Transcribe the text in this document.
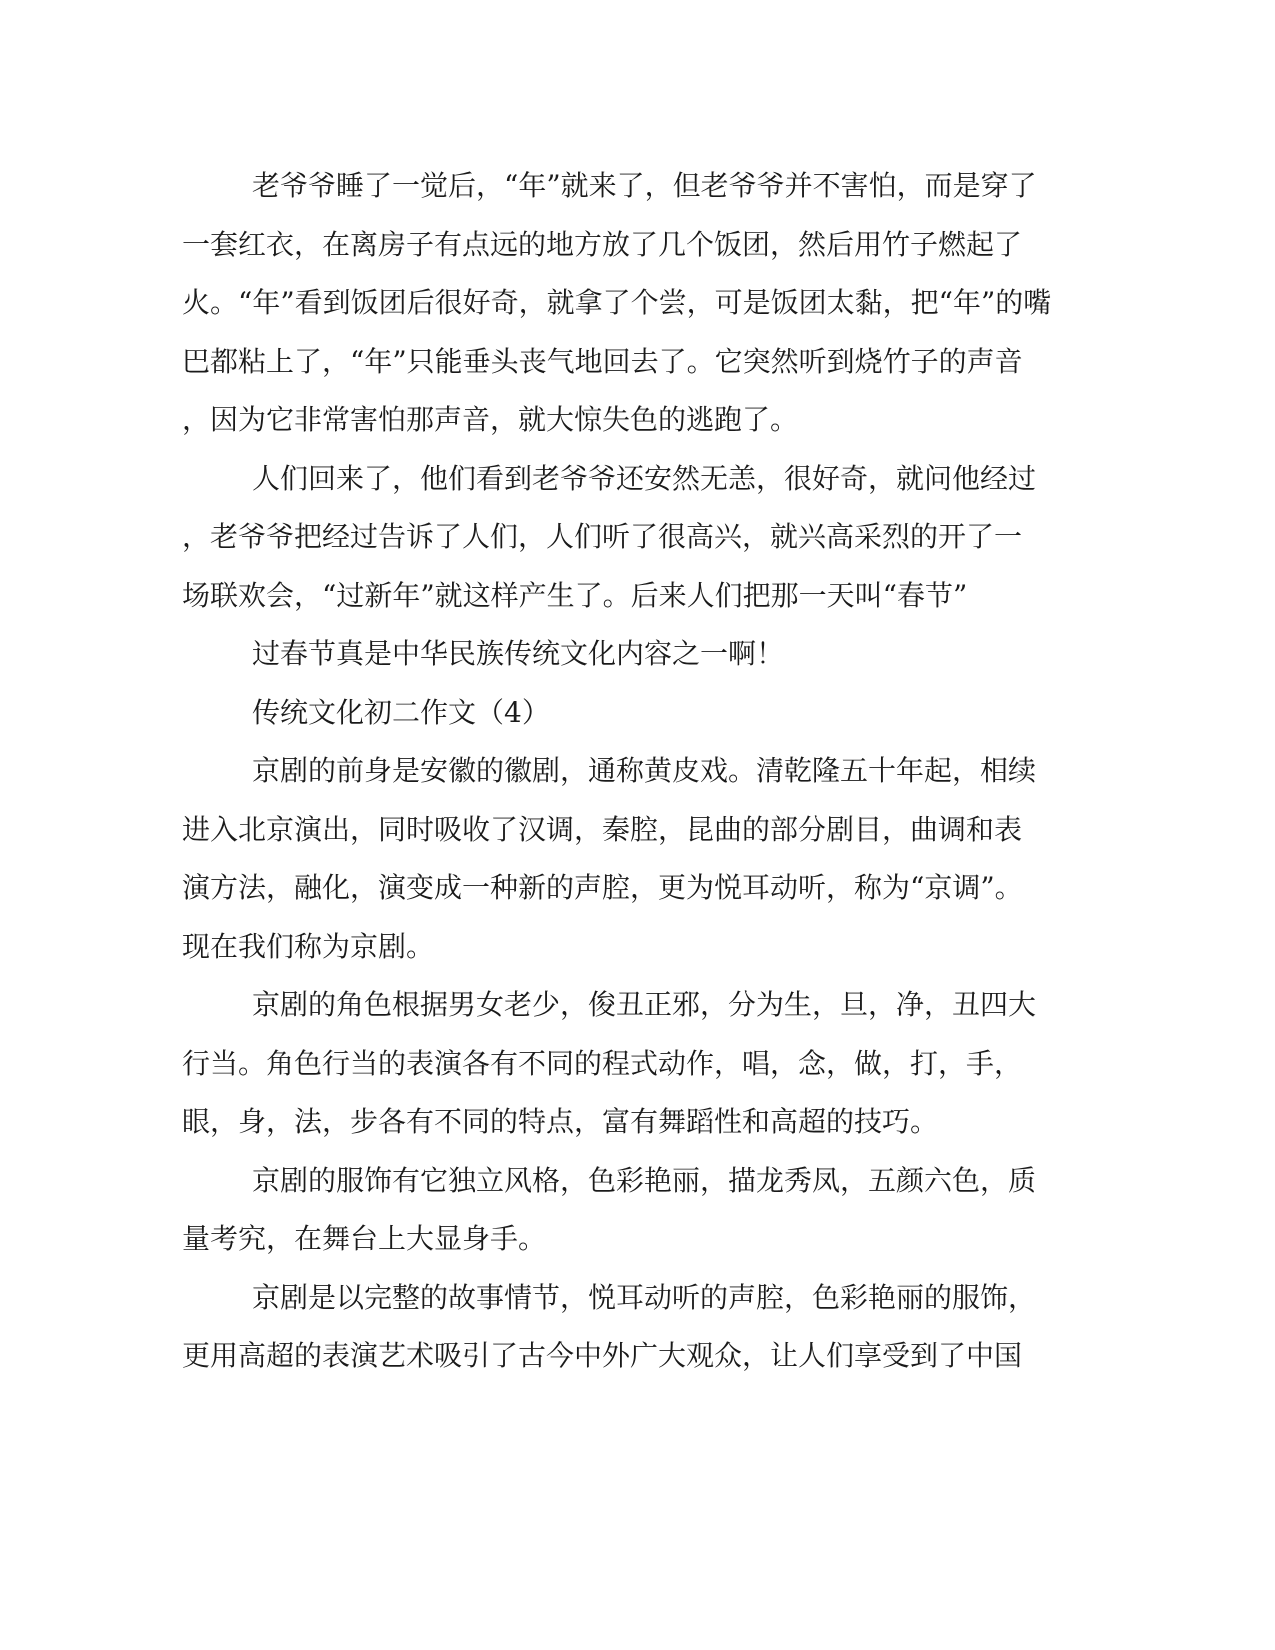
老爷爷睡了一觉后，“年”就来了，但老爷爷并不害怕，而是穿了
一套红衣，在离房子有点远的地方放了几个饭团，然后用竹子燃起了
火。“年”看到饭团后很好奇，就拿了个尝，可是饭团太黏，把“年”的嘴
巴都粘上了，“年”只能垂头丧气地回去了。它突然听到烧竹子的声音
，因为它非常害怕那声音，就大惊失色的逃跑了。
人们回来了，他们看到老爷爷还安然无恙，很好奇，就问他经过
，老爷爷把经过告诉了人们，人们听了很高兴，就兴高采烈的开了一
场联欢会，“过新年”就这样产生了。后来人们把那一天叫“春节”
过春节真是中华民族传统文化内容之一啊！
传统文化初二作文（4）
京剧的前身是安徽的徽剧，通称黄皮戏。清乾隆五十年起，相续
进入北京演出，同时吸收了汉调，秦腔，昆曲的部分剧目，曲调和表
演方法，融化，演变成一种新的声腔，更为悦耳动听，称为“京调”。
现在我们称为京剧。
京剧的角色根据男女老少，俊丑正邪，分为生，旦，净，丑四大
行当。角色行当的表演各有不同的程式动作，唱，念，做，打，手，
眼，身，法，步各有不同的特点，富有舞蹈性和高超的技巧。
京剧的服饰有它独立风格，色彩艳丽，描龙秀凤，五颜六色，质
量考究，在舞台上大显身手。
京剧是以完整的故事情节，悦耳动听的声腔，色彩艳丽的服饰，
更用高超的表演艺术吸引了古今中外广大观众，让人们享受到了中国
